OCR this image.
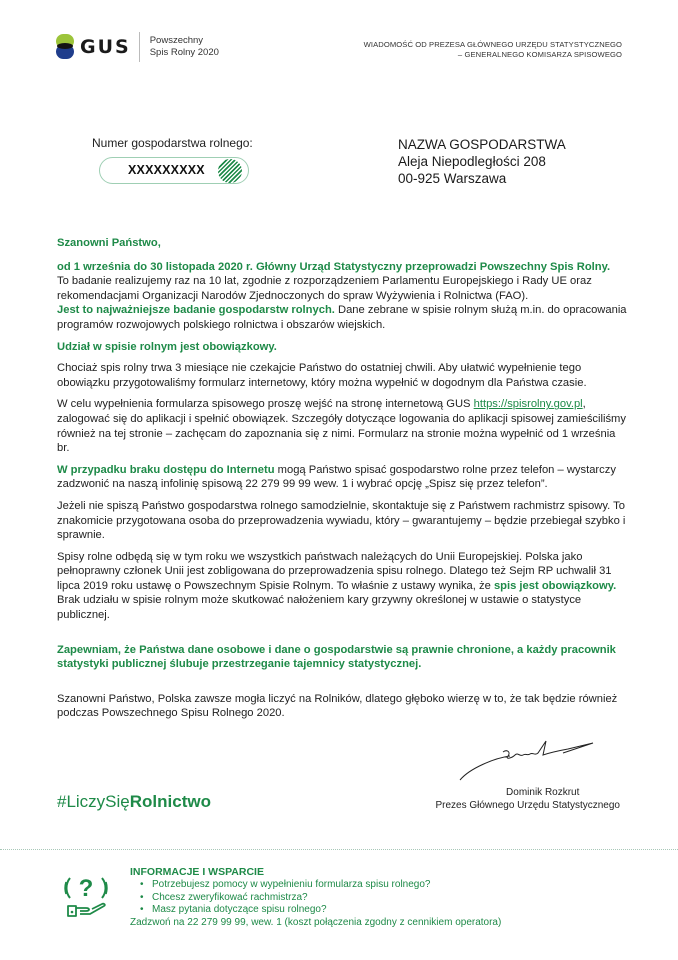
GUS Powszechny
Spis Rolny 2020
WIADOMOŚĆ OD PREZESA GŁÓWNEGO URZĘDU STATYSTYCZNEGO
– GENERALNEGO KOMISARZA SPISOWEGO
Numer gospodarstwa rolnego:
XXXXXXXXX
NAZWA GOSPODARSTWA
Aleja Niepodległości 208
00-925 Warszawa

Szanowni Państwo,

od 1 września do 30 listopada 2020 r. Główny Urząd Statystyczny przeprowadzi Powszechny Spis Rolny.
To badanie realizujemy raz na 10 lat, zgodnie z rozporządzeniem Parlamentu Europejskiego i Rady UE oraz rekomendacjami Organizacji Narodów Zjednoczonych do spraw Wyżywienia i Rolnictwa (FAO).
Jest to najważniejsze badanie gospodarstw rolnych. Dane zebrane w spisie rolnym służą m.in. do opracowania programów rozwojowych polskiego rolnictwa i obszarów wiejskich.

Udział w spisie rolnym jest obowiązkowy.

Chociaż spis rolny trwa 3 miesiące nie czekajcie Państwo do ostatniej chwili. Aby ułatwić wypełnienie tego obowiązku przygotowaliśmy formularz internetowy, który można wypełnić w dogodnym dla Państwa czasie.

W celu wypełnienia formularza spisowego proszę wejść na stronę internetową GUS https://spisrolny.gov.pl, zalogować się do aplikacji i spełnić obowiązek. Szczegóły dotyczące logowania do aplikacji spisowej zamieściliśmy również na tej stronie – zachęcam do zapoznania się z nimi. Formularz na stronie można wypełnić od 1 września br.

W przypadku braku dostępu do Internetu mogą Państwo spisać gospodarstwo rolne przez telefon – wystarczy zadzwonić na naszą infolinię spisową 22 279 99 99 wew. 1 i wybrać opcję „Spisz się przez telefon”.

Jeżeli nie spiszą Państwo gospodarstwa rolnego samodzielnie, skontaktuje się z Państwem rachmistrz spisowy. To znakomicie przygotowana osoba do przeprowadzenia wywiadu, który – gwarantujemy – będzie przebiegał szybko i sprawnie.

Spisy rolne odbędą się w tym roku we wszystkich państwach należących do Unii Europejskiej. Polska jako pełnoprawny członek Unii jest zobligowana do przeprowadzenia spisu rolnego. Dlatego też Sejm RP uchwalił 31 lipca 2019 roku ustawę o Powszechnym Spisie Rolnym. To właśnie z ustawy wynika, że spis jest obowiązkowy. Brak udziału w spisie rolnym może skutkować nałożeniem kary grzywny określonej w ustawie o statystyce publicznej.

Zapewniam, że Państwa dane osobowe i dane o gospodarstwie są prawnie chronione, a każdy pracownik statystyki publicznej ślubuje przestrzeganie tajemnicy statystycznej.

Szanowni Państwo, Polska zawsze mogła liczyć na Rolników, dlatego głęboko wierzę w to, że tak będzie również podczas Powszechnego Spisu Rolnego 2020.

#LiczySięRolnictwo	Dominik Rozkrut
Prezes Głównego Urzędu Statystycznego
?
INFORMACJE I WSPARCIE
• Potrzebujesz pomocy w wypełnieniu formularza spisu rolnego?
• Chcesz zweryfikować rachmistrza?
• Masz pytania dotyczące spisu rolnego?
Zadzwoń na 22 279 99 99, wew. 1 (koszt połączenia zgodny z cennikiem operatora)
